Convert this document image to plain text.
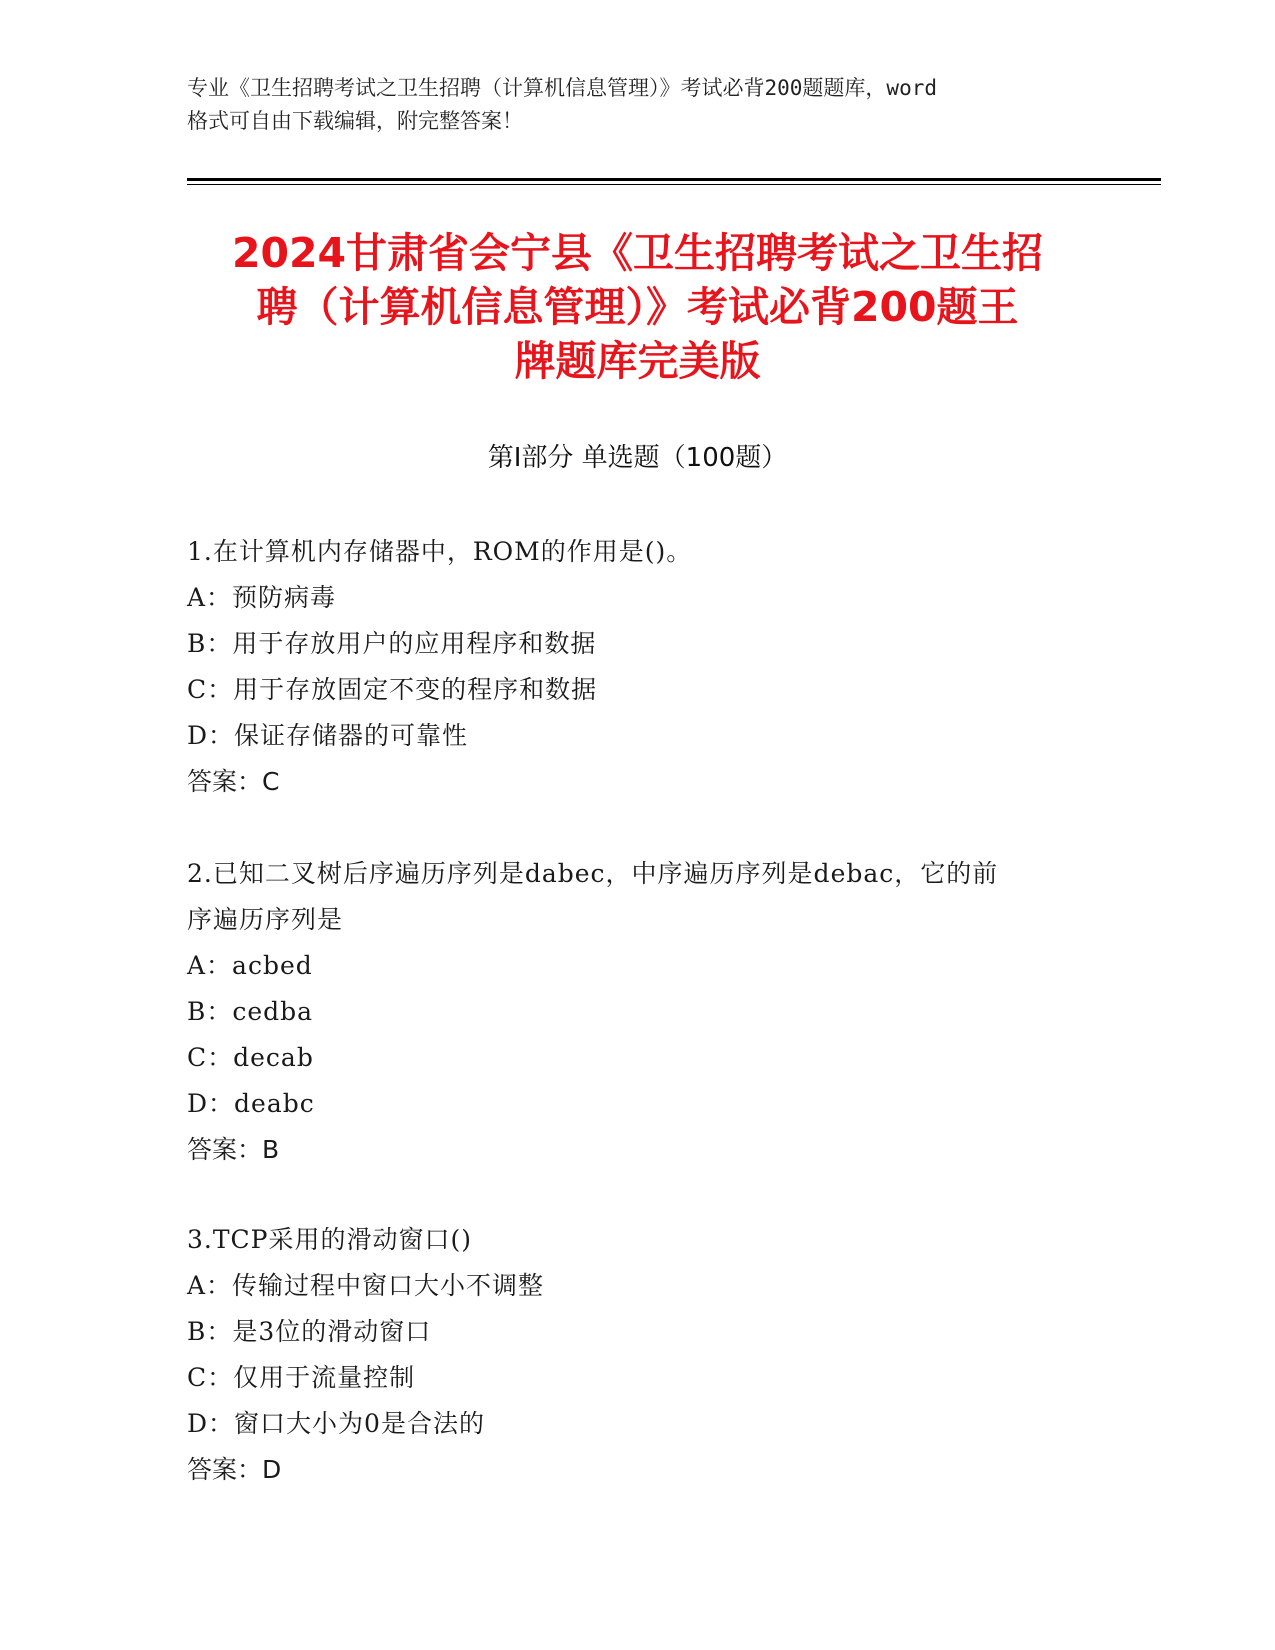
专业《卫生招聘考试之卫生招聘（计算机信息管理）》考试必背200题题库，word
格式可自由下载编辑，附完整答案！
2024甘肃省会宁县《卫生招聘考试之卫生招
聘（计算机信息管理）》考试必背200题王
牌题库完美版
第Ⅰ部分 单选题（100题）
1.在计算机内存储器中，ROM的作用是()。
A：预防病毒
B：用于存放用户的应用程序和数据
C：用于存放固定不变的程序和数据
D：保证存储器的可靠性
答案：C
2.已知二叉树后序遍历序列是dabec，中序遍历序列是debac，它的前
序遍历序列是
A：acbed
B：cedba
C：decab
D：deabc
答案：B
3.TCP采用的滑动窗口()
A：传输过程中窗口大小不调整
B：是3位的滑动窗口
C：仅用于流量控制
D：窗口大小为0是合法的
答案：D
